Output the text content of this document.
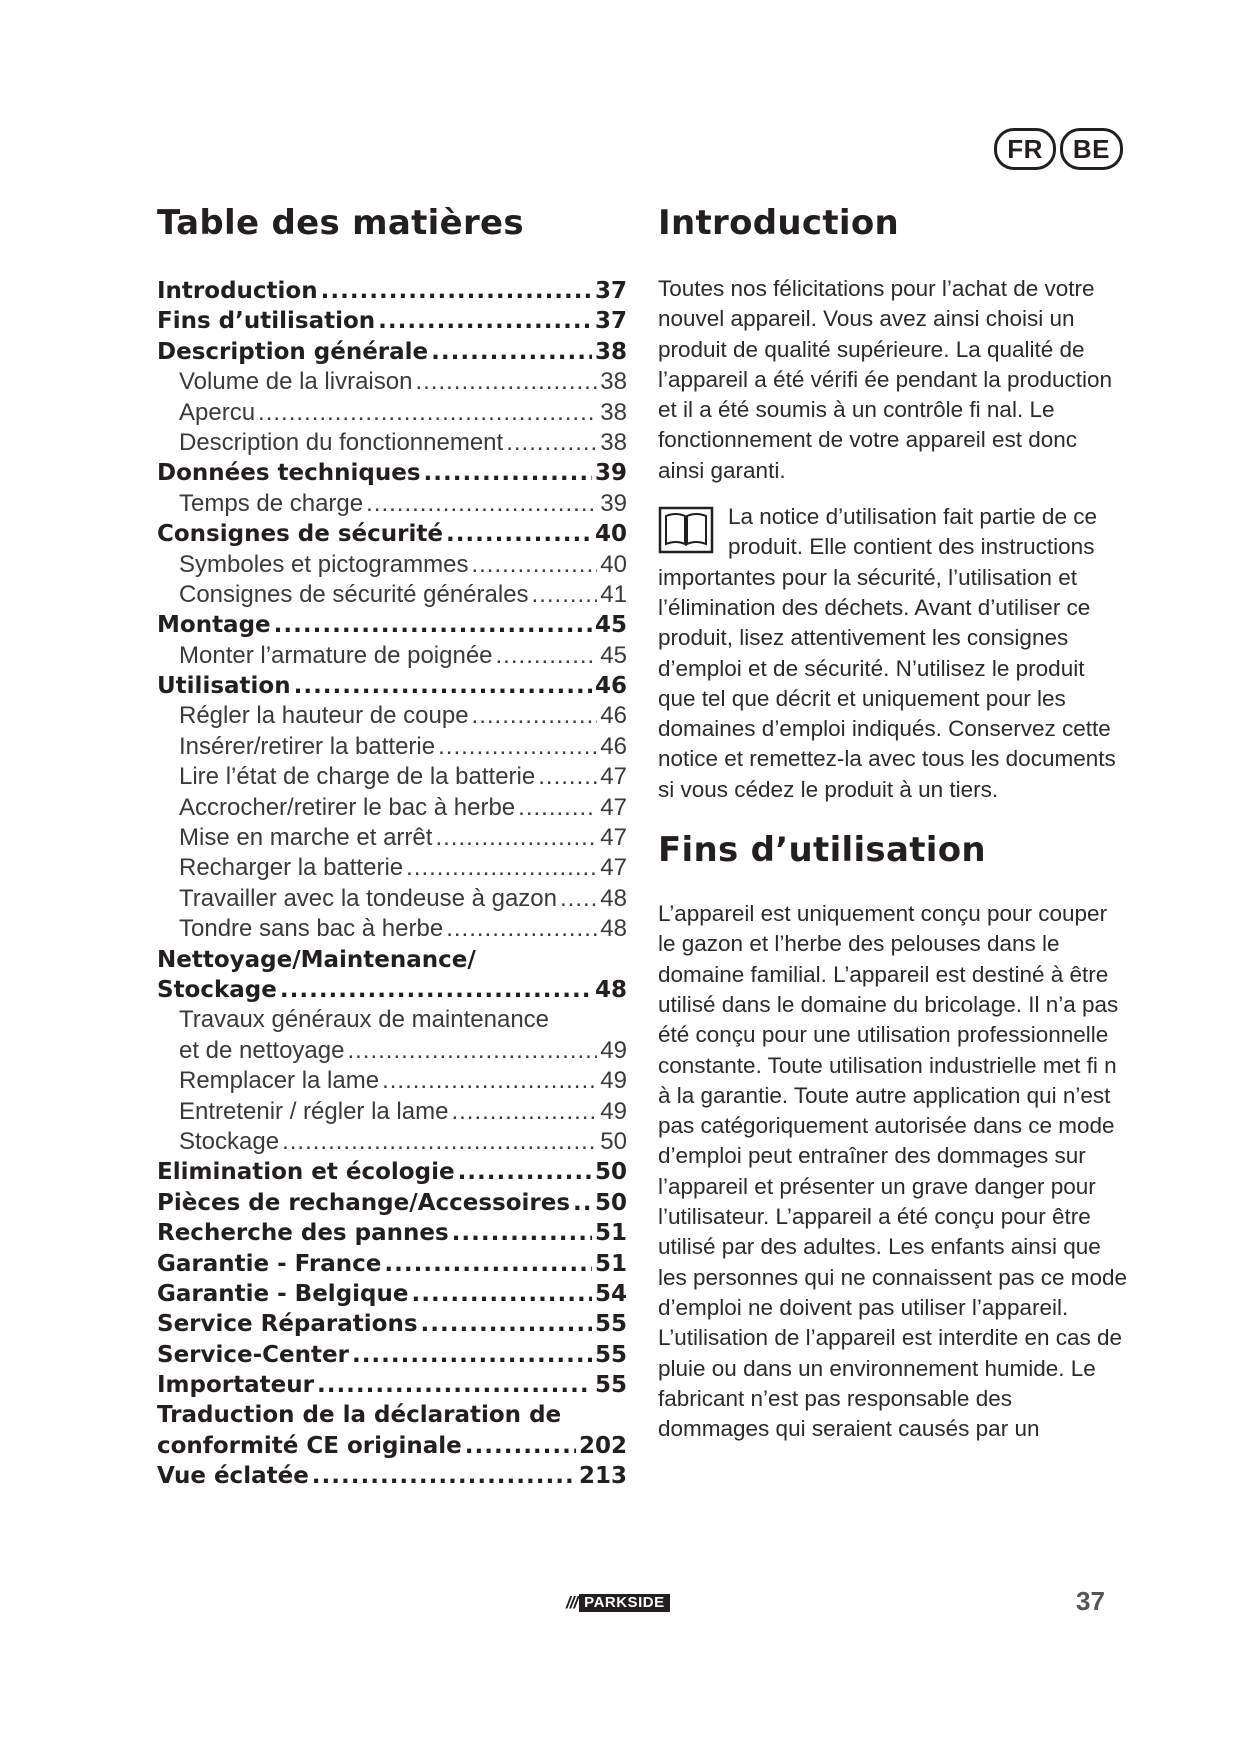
FR	BE
Table des matières
Introduction .....	37
Fins d’utilisation .....	37
Description générale .....	38
Volume de la livraison .....	38
Apercu .....	38
Description du fonctionnement .....	38
Données techniques .....	39
Temps de charge .....	39
Consignes de sécurité .....	40
Symboles et pictogrammes .....	40
Consignes de sécurité générales .....	41
Montage .....	45
Monter l’armature de poignée .....	45
Utilisation .....	46
Régler la hauteur de coupe .....	46
Insérer/retirer la batterie .....	46
Lire l’état de charge de la batterie .....	47
Accrocher/retirer le bac à herbe .....	47
Mise en marche et arrêt .....	47
Recharger la batterie .....	47
Travailler avec la tondeuse à gazon ..... 48
Tondre sans bac à herbe .....	48
Nettoyage/Maintenance/
Stockage .....	48
Travaux généraux de maintenance
et de nettoyage .....	49
Remplacer la lame .....	49
Entretenir / régler la lame .....	49
Stockage .....	50
Elimination et écologie .....	50
Pièces de rechange/Accessoires ..... 50
Recherche des pannes .....	51
Garantie - France .....	51
Garantie - Belgique .....	54
Service Réparations .....	55
Service-Center .....	55
Importateur .....	55
Traduction de la déclaration de
conformité CE originale .....	202
Vue éclatée .....	213
Introduction

Toutes nos félicitations pour l’achat de votre nouvel appareil. Vous avez ainsi choisi un produit de qualité supérieure. La qualité de l’appareil a été vérifi ée pendant la production et il a été soumis à un contrôle fi nal. Le fonctionnement de votre appareil est donc ainsi garanti.

La notice d’utilisation fait partie de ce produit. Elle contient des instructions importantes pour la sécurité, l’utilisation et l’élimination des déchets. Avant d’utiliser ce produit, lisez attentivement les consignes d’emploi et de sécurité. N’utilisez le produit que tel que décrit et uniquement pour les domaines d’emploi indiqués. Conservez cette notice et remettez-la avec tous les documents si vous cédez le produit à un tiers.

Fins d’utilisation

L’appareil est uniquement conçu pour couper le gazon et l’herbe des pelouses dans le domaine familial. L’appareil est destiné à être utilisé dans le domaine du bricolage. Il n’a pas été conçu pour une utilisation professionnelle constante. Toute utilisation industrielle met fi n à la garantie. Toute autre application qui n’est pas catégoriquement autorisée dans ce mode d’emploi peut entraîner des dommages sur l’appareil et présenter un grave danger pour l’utilisateur. L’appareil a été conçu pour être utilisé par des adultes. Les enfants ainsi que les personnes qui ne connaissent pas ce mode d’emploi ne doivent pas utiliser l’appareil. L’utilisation de l’appareil est interdite en cas de pluie ou dans un environnement humide. Le fabricant n’est pas responsable des dommages qui seraient causés par un

/// PARKSIDE	37
